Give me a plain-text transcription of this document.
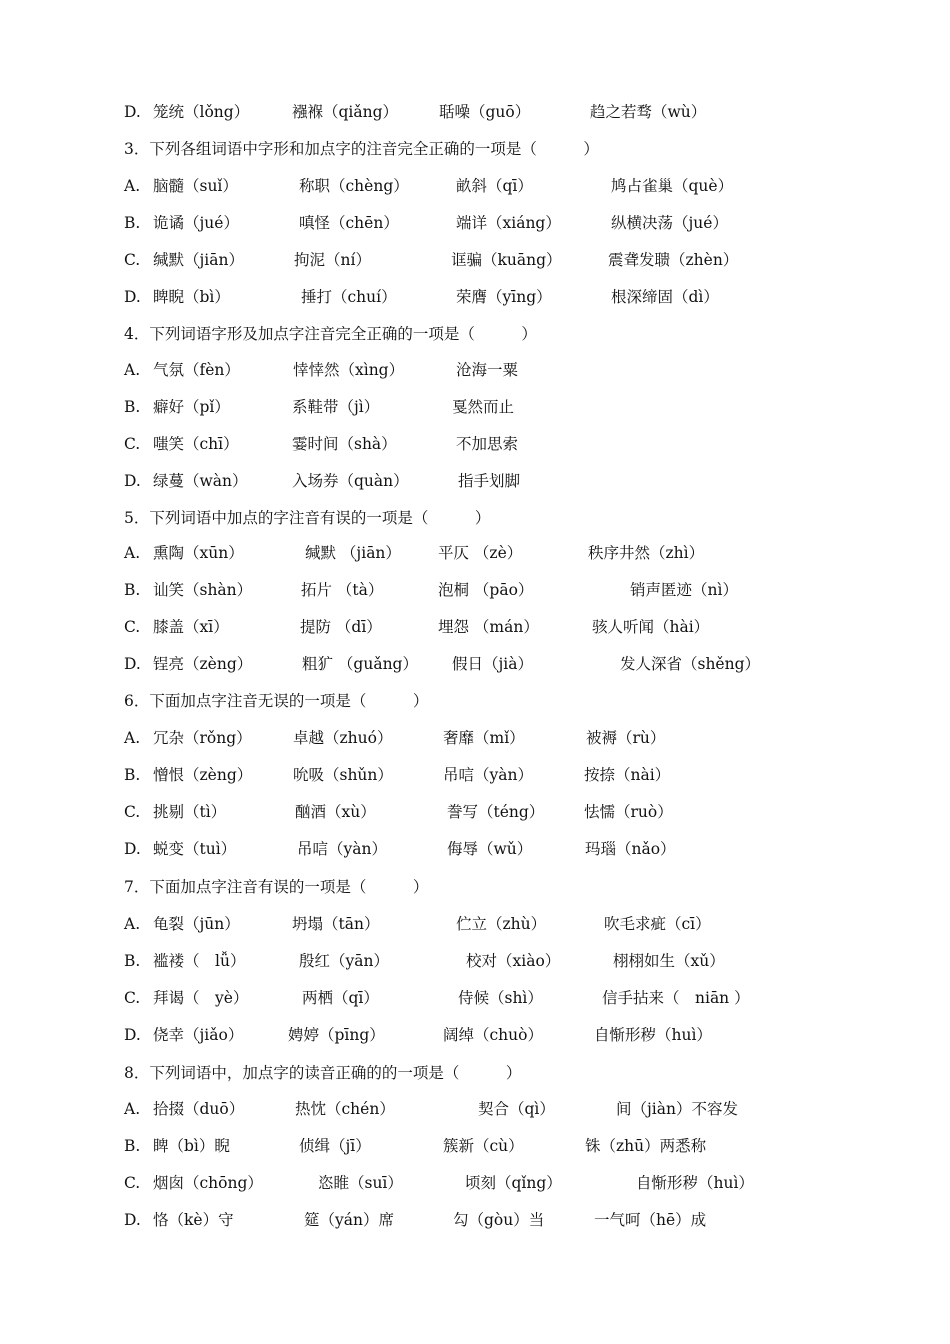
D. 笼统（lǒng）	襁褓（qiǎng）	聒噪（guō）	趋之若骛（wù）
3．下列各组词语中字形和加点字的注音完全正确的一项是（　　　）
A. 脑髓（suǐ）	称职（chèng）	畝斜（qī）	鸠占雀巢（què）
B. 诡谲（jué）	嗔怪（chēn）	端详（xiáng）	纵横决荡（jué）
C. 缄默（jiān）	拘泥（ní）	诓骗（kuāng）	震聋发聩（zhèn）
D. 睥睨（bì）	捶打（chuí）	荣膺（yīng）	根深缔固（dì）
4．下列词语字形及加点字注音完全正确的一项是（　　　）
A. 气氛（fèn）	悻悻然（xìng）	沧海一粟
B. 癖好（pǐ）	系鞋带（jì）	戛然而止
C. 嗤笑（chī）	霎时间（shà）	不加思索
D. 绿蔓（wàn）	入场券（quàn）	指手划脚
5．下列词语中加点的字注音有误的一项是（　　　）
A. 熏陶（xūn）	缄默 （jiān） 平仄 （zè）	秩序井然（zhì）
B. 讪笑（shàn）	拓片 （tà）	泡桐 （pāo）	销声匿迹（nì）
C. 膝盖（xī）	提防 （dī）	埋怨 （mán）	骇人听闻（hài）
D. 锃亮（zèng）	粗犷 （guǎng） 假日（jià）	发人深省（shěng）
6．下面加点字注音无误的一项是（　　　）
A. 冗杂（rǒng）	卓越（zhuó）	奢靡（mǐ）	被褥（rù）
B. 憎恨（zèng）	吮吸（shǔn）	吊唁（yàn）	按捺（nài）
C. 挑剔（tì）	酗酒（xù）	誊写（téng）	怯懦（ruò）
D. 蜕变（tuì）	吊唁（yàn）	侮辱（wǔ）	玛瑙（nǎo）
7．下面加点字注音有误的一项是（　　　）
A. 龟裂（jūn）	坍塌（tān）	伫立（zhù）	吹毛求疵（cī）
B. 褴褛（　lǚ）	殷红（yān）	校对（xiào）	栩栩如生（xǔ）
C. 拜谒（　yè）	两栖（qī）	侍候（shì）	信手拈来（　niān ）
D. 侥幸（jiǎo）	娉婷（pīng）	阔绰（chuò）	自惭形秽（huì）
8．下列词语中，加点字的读音正确的的一项是（　　　）
A. 拾掇（duō）	热忱（chén）	契合（qì）	间（jiàn）不容发
B. 睥（bì）睨	侦缉（jī）	簇新（cù）	铢（zhū）两悉称
C. 烟囱（chōng）	恣睢（suī）	顷刻（qǐng）	自惭形秽（huì）
D. 恪（kè）守	筵（yán）席	勾（gòu）当	一气呵（hē）成
